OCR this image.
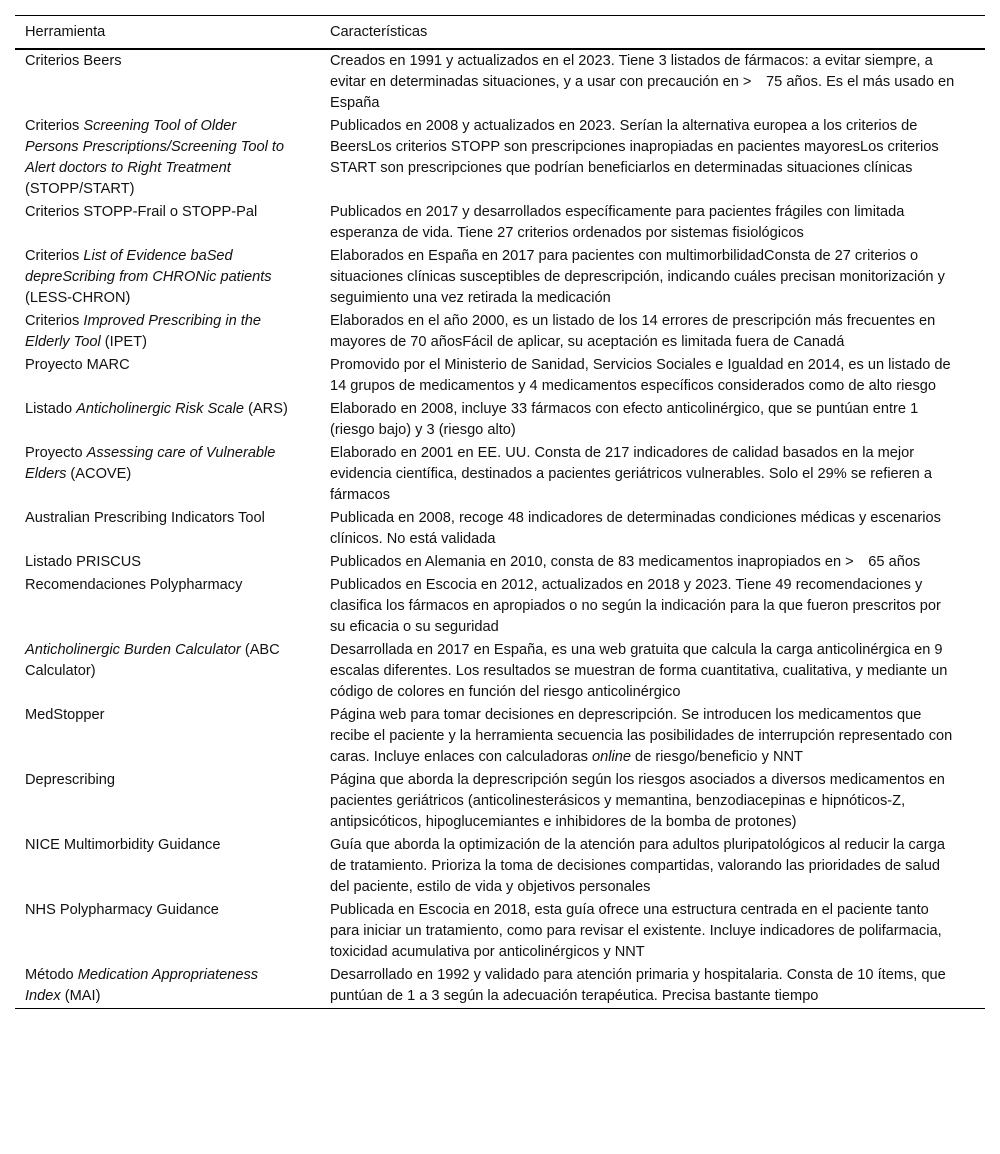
Herramienta	Características

Criterios Beers	Creados en 1991 y actualizados en el 2023. Tiene 3 listados de fármacos: a evitar siempre, a evitar en determinadas situaciones, y a usar con precaución en >  75 años. Es el más usado en España

Criterios Screening Tool of Older Persons Prescriptions/Screening Tool to Alert doctors to Right Treatment (STOPP/START)	Publicados en 2008 y actualizados en 2023. Serían la alternativa europea a los criterios de BeersLos criterios STOPP son prescripciones inapropiadas en pacientes mayoresLos criterios START son prescripciones que podrían beneficiarlos en determinadas situaciones clínicas

Criterios STOPP-Frail o STOPP-Pal	Publicados en 2017 y desarrollados específicamente para pacientes frágiles con limitada esperanza de vida. Tiene 27 criterios ordenados por sistemas fisiológicos

Criterios List of Evidence baSed depreScribing from CHRONic patients (LESS-CHRON)	Elaborados en España en 2017 para pacientes con multimorbilidadConsta de 27 criterios o situaciones clínicas susceptibles de deprescripción, indicando cuáles precisan monitorización y seguimiento una vez retirada la medicación

Criterios Improved Prescribing in the Elderly Tool (IPET)	Elaborados en el año 2000, es un listado de los 14 errores de prescripción más frecuentes en mayores de 70 añosFácil de aplicar, su aceptación es limitada fuera de Canadá

Proyecto MARC	Promovido por el Ministerio de Sanidad, Servicios Sociales e Igualdad en 2014, es un listado de 14 grupos de medicamentos y 4 medicamentos específicos considerados como de alto riesgo

Listado Anticholinergic Risk Scale (ARS)	Elaborado en 2008, incluye 33 fármacos con efecto anticolinérgico, que se puntúan entre 1 (riesgo bajo) y 3 (riesgo alto)

Proyecto Assessing care of Vulnerable Elders (ACOVE)	Elaborado en 2001 en EE. UU. Consta de 217 indicadores de calidad basados en la mejor evidencia científica, destinados a pacientes geriátricos vulnerables. Solo el 29% se refieren a fármacos

Australian Prescribing Indicators Tool	Publicada en 2008, recoge 48 indicadores de determinadas condiciones médicas y escenarios clínicos. No está validada

Listado PRISCUS	Publicados en Alemania en 2010, consta de 83 medicamentos inapropiados en >  65 años

Recomendaciones Polypharmacy	Publicados en Escocia en 2012, actualizados en 2018 y 2023. Tiene 49 recomendaciones y clasifica los fármacos en apropiados o no según la indicación para la que fueron prescritos por su eficacia o su seguridad

Anticholinergic Burden Calculator (ABC Calculator)	Desarrollada en 2017 en España, es una web gratuita que calcula la carga anticolinérgica en 9 escalas diferentes. Los resultados se muestran de forma cuantitativa, cualitativa, y mediante un código de colores en función del riesgo anticolinérgico

MedStopper	Página web para tomar decisiones en deprescripción. Se introducen los medicamentos que recibe el paciente y la herramienta secuencia las posibilidades de interrupción representado con caras. Incluye enlaces con calculadoras online de riesgo/beneficio y NNT

Deprescribing	Página que aborda la deprescripción según los riesgos asociados a diversos medicamentos en pacientes geriátricos (anticolinesterásicos y memantina, benzodiacepinas e hipnóticos-Z, antipsicóticos, hipoglucemiantes e inhibidores de la bomba de protones)

NICE Multimorbidity Guidance	Guía que aborda la optimización de la atención para adultos pluripatológicos al reducir la carga de tratamiento. Prioriza la toma de decisiones compartidas, valorando las prioridades de salud del paciente, estilo de vida y objetivos personales

NHS Polypharmacy Guidance	Publicada en Escocia en 2018, esta guía ofrece una estructura centrada en el paciente tanto para iniciar un tratamiento, como para revisar el existente. Incluye indicadores de polifarmacia, toxicidad acumulativa por anticolinérgicos y NNT

Método Medication Appropriateness Index (MAI)	Desarrollado en 1992 y validado para atención primaria y hospitalaria. Consta de 10 ítems, que puntúan de 1 a 3 según la adecuación terapéutica. Precisa bastante tiempo
